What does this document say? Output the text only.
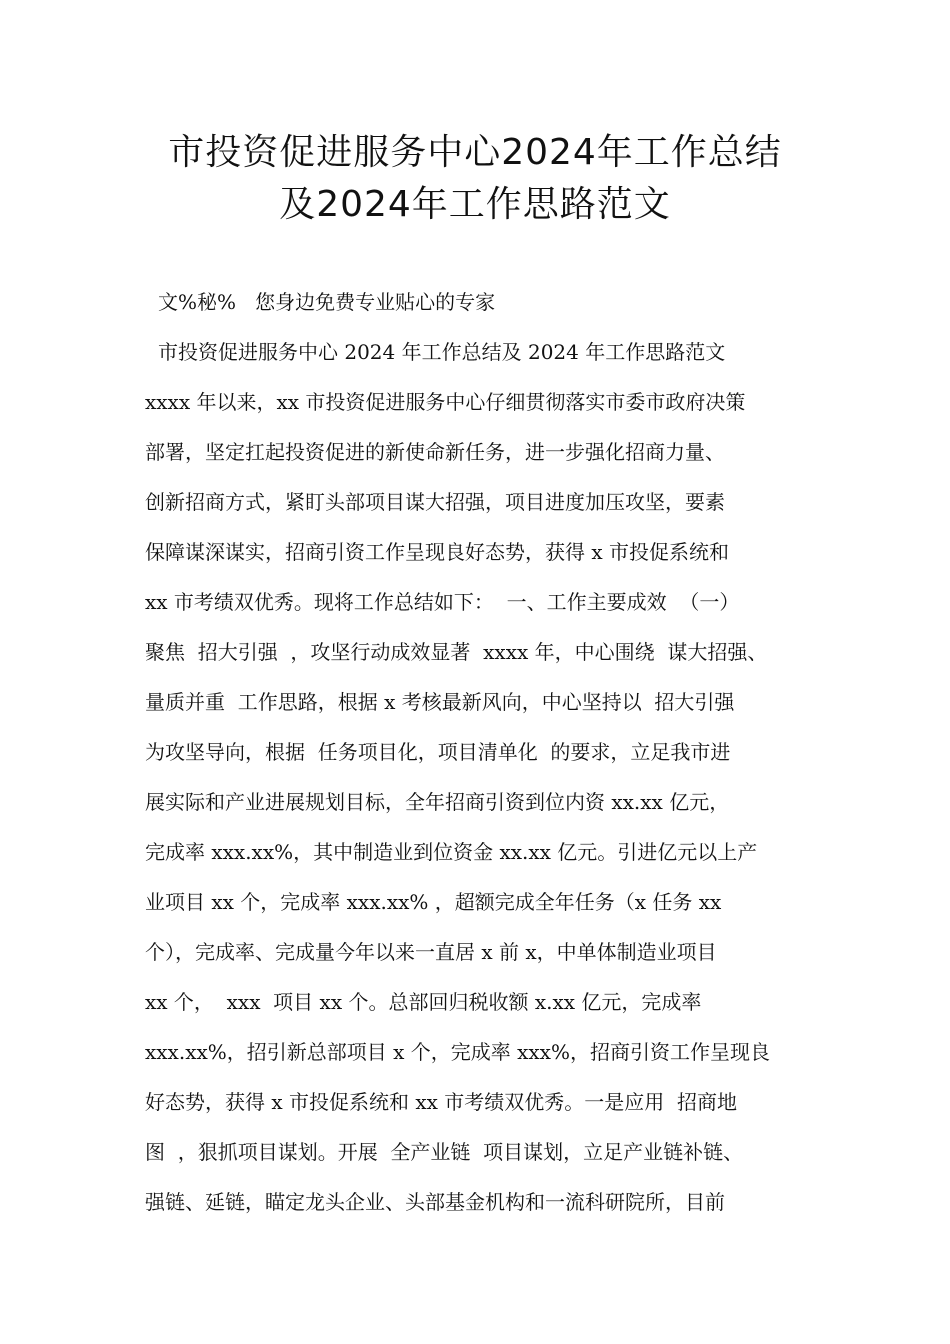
市投资促进服务中心2024年工作总结
及2024年工作思路范文
文%秘%   您身边免费专业贴心的专家
市投资促进服务中心 2024 年工作总结及 2024 年工作思路范文
xxxx 年以来，xx 市投资促进服务中心仔细贯彻落实市委市政府决策
部署，坚定扛起投资促进的新使命新任务，进一步强化招商力量、
创新招商方式，紧盯头部项目谋大招强，项目进度加压攻坚，要素
保障谋深谋实，招商引资工作呈现良好态势，获得 x 市投促系统和
xx 市考绩双优秀。现将工作总结如下：  一、工作主要成效  （一）
聚焦  招大引强  ，攻坚行动成效显著  xxxx 年，中心围绕  谋大招强、
量质并重  工作思路，根据 x 考核最新风向，中心坚持以  招大引强
为攻坚导向，根据  任务项目化，项目清单化  的要求，立足我市进
展实际和产业进展规划目标，全年招商引资到位内资 xx.xx 亿元，
完成率 xxx.xx%，其中制造业到位资金 xx.xx 亿元。引进亿元以上产
业项目 xx 个，完成率 xxx.xx% ，超额完成全年任务（x 任务 xx
个），完成率、完成量今年以来一直居 x 前 x，中单体制造业项目
xx 个，  xxx  项目 xx 个。总部回归税收额 x.xx 亿元，完成率
xxx.xx%，招引新总部项目 x 个，完成率 xxx%，招商引资工作呈现良
好态势，获得 x 市投促系统和 xx 市考绩双优秀。一是应用  招商地
图  ，狠抓项目谋划。开展  全产业链  项目谋划，立足产业链补链、
强链、延链，瞄定龙头企业、头部基金机构和一流科研院所，目前
